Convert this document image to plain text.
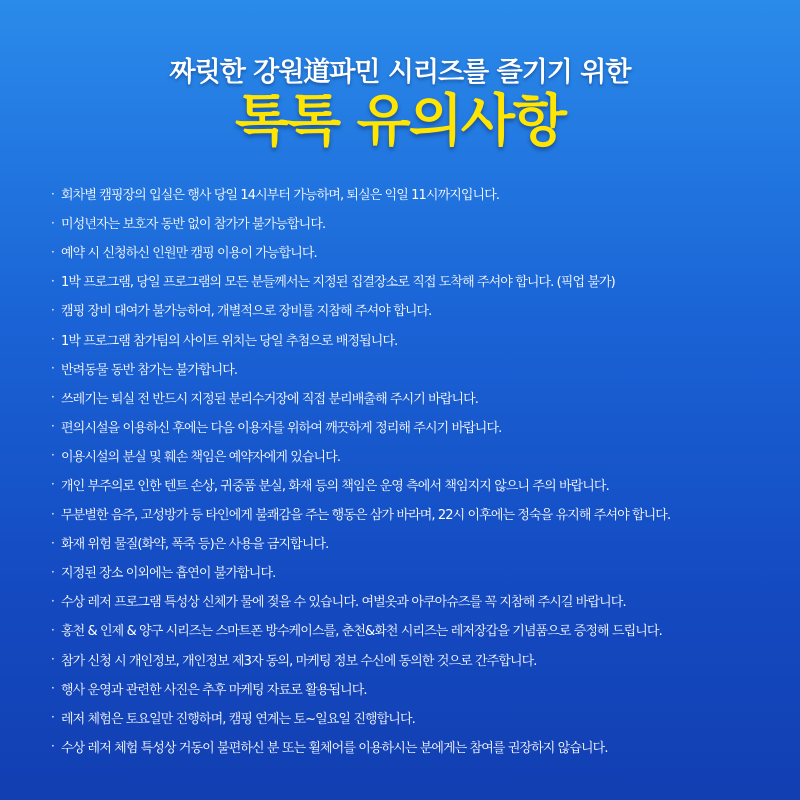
짜릿한 강원道파민 시리즈를 즐기기 위한
톡톡 유의사항
· 회차별 캠핑장의 입실은 행사 당일 14시부터 가능하며, 퇴실은 익일 11시까지입니다.
· 미성년자는 보호자 동반 없이 참가가 불가능합니다.
· 예약 시 신청하신 인원만 캠핑 이용이 가능합니다.
· 1박 프로그램, 당일 프로그램의 모든 분들께서는 지정된 집결장소로 직접 도착해 주셔야 합니다. (픽업 불가)
· 캠핑 장비 대여가 불가능하여, 개별적으로 장비를 지참해 주셔야 합니다.
· 1박 프로그램 참가팀의 사이트 위치는 당일 추첨으로 배정됩니다.
· 반려동물 동반 참가는 불가합니다.
· 쓰레기는 퇴실 전 반드시 지정된 분리수거장에 직접 분리배출해 주시기 바랍니다.
· 편의시설을 이용하신 후에는 다음 이용자를 위하여 깨끗하게 정리해 주시기 바랍니다.
· 이용시설의 분실 및 훼손 책임은 예약자에게 있습니다.
· 개인 부주의로 인한 텐트 손상, 귀중품 분실, 화재 등의 책임은 운영 측에서 책임지지 않으니 주의 바랍니다.
· 무분별한 음주, 고성방가 등 타인에게 불쾌감을 주는 행동은 삼가 바라며, 22시 이후에는 정숙을 유지해 주셔야 합니다.
· 화재 위험 물질(화약, 폭죽 등)은 사용을 금지합니다.
· 지정된 장소 이외에는 흡연이 불가합니다.
· 수상 레저 프로그램 특성상 신체가 물에 젖을 수 있습니다. 여벌옷과 아쿠아슈즈를 꼭 지참해 주시길 바랍니다.
· 홍천 & 인제 & 양구 시리즈는 스마트폰 방수케이스를, 춘천&화천 시리즈는 레저장갑을 기념품으로 증정해 드립니다.
· 참가 신청 시 개인정보, 개인정보 제3자 동의, 마케팅 정보 수신에 동의한 것으로 간주합니다.
· 행사 운영과 관련한 사진은 추후 마케팅 자료로 활용됩니다.
· 레저 체험은 토요일만 진행하며, 캠핑 연계는 토~일요일 진행합니다.
· 수상 레저 체험 특성상 거동이 불편하신 분 또는 휠체어를 이용하시는 분에게는 참여를 권장하지 않습니다.
